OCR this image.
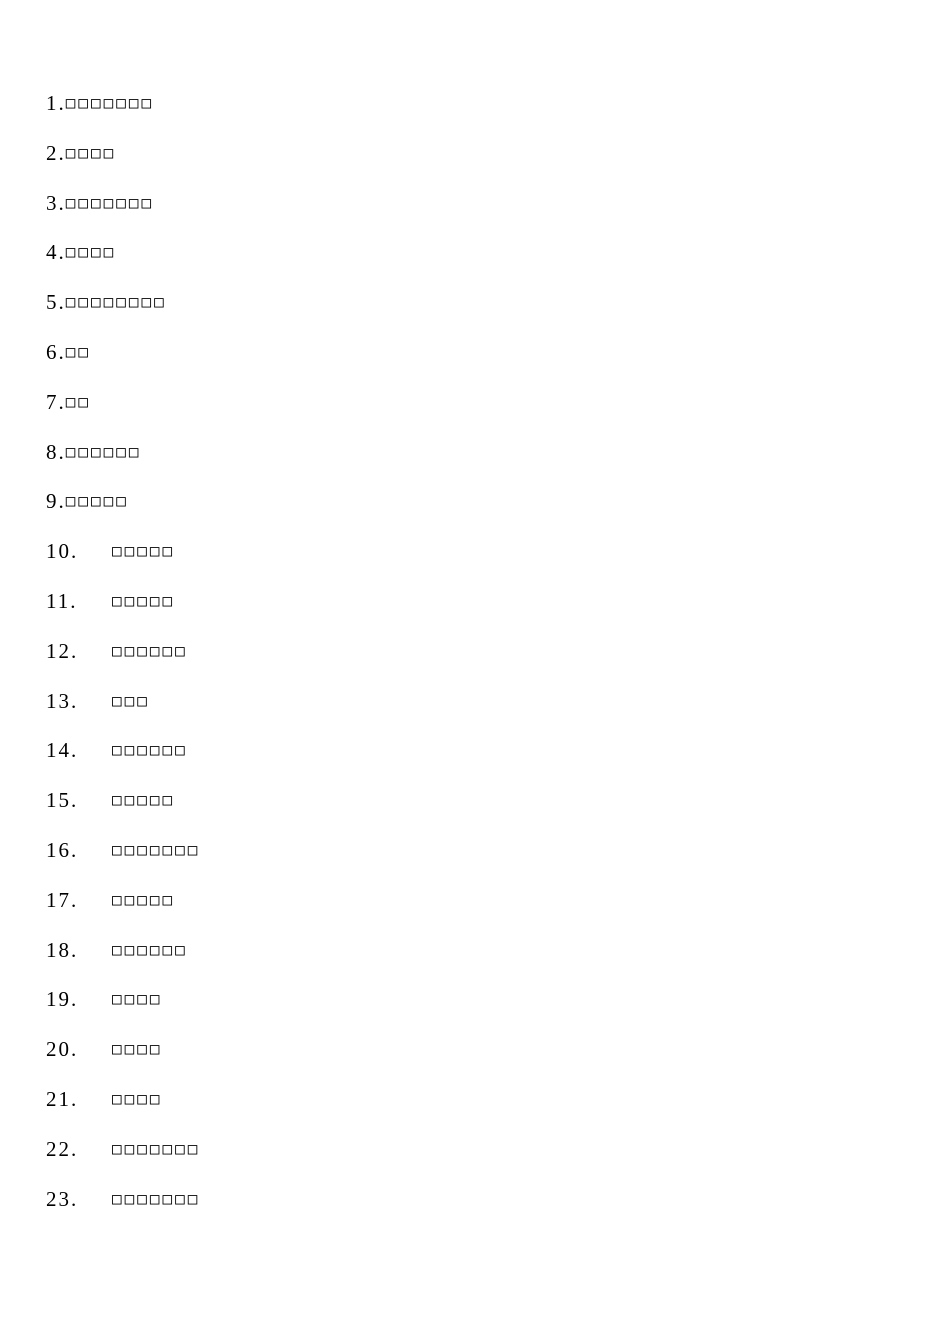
1.□□□□□□□
2.□□□□
3.□□□□□□□
4.□□□□
5.□□□□□□□□
6.□□
7.□□
8.□□□□□□
9.□□□□□
10. □□□□□
11. □□□□□
12. □□□□□□
13. □□□
14. □□□□□□
15. □□□□□
16. □□□□□□□
17. □□□□□
18. □□□□□□
19. □□□□
20. □□□□
21. □□□□
22. □□□□□□□
23. □□□□□□□
